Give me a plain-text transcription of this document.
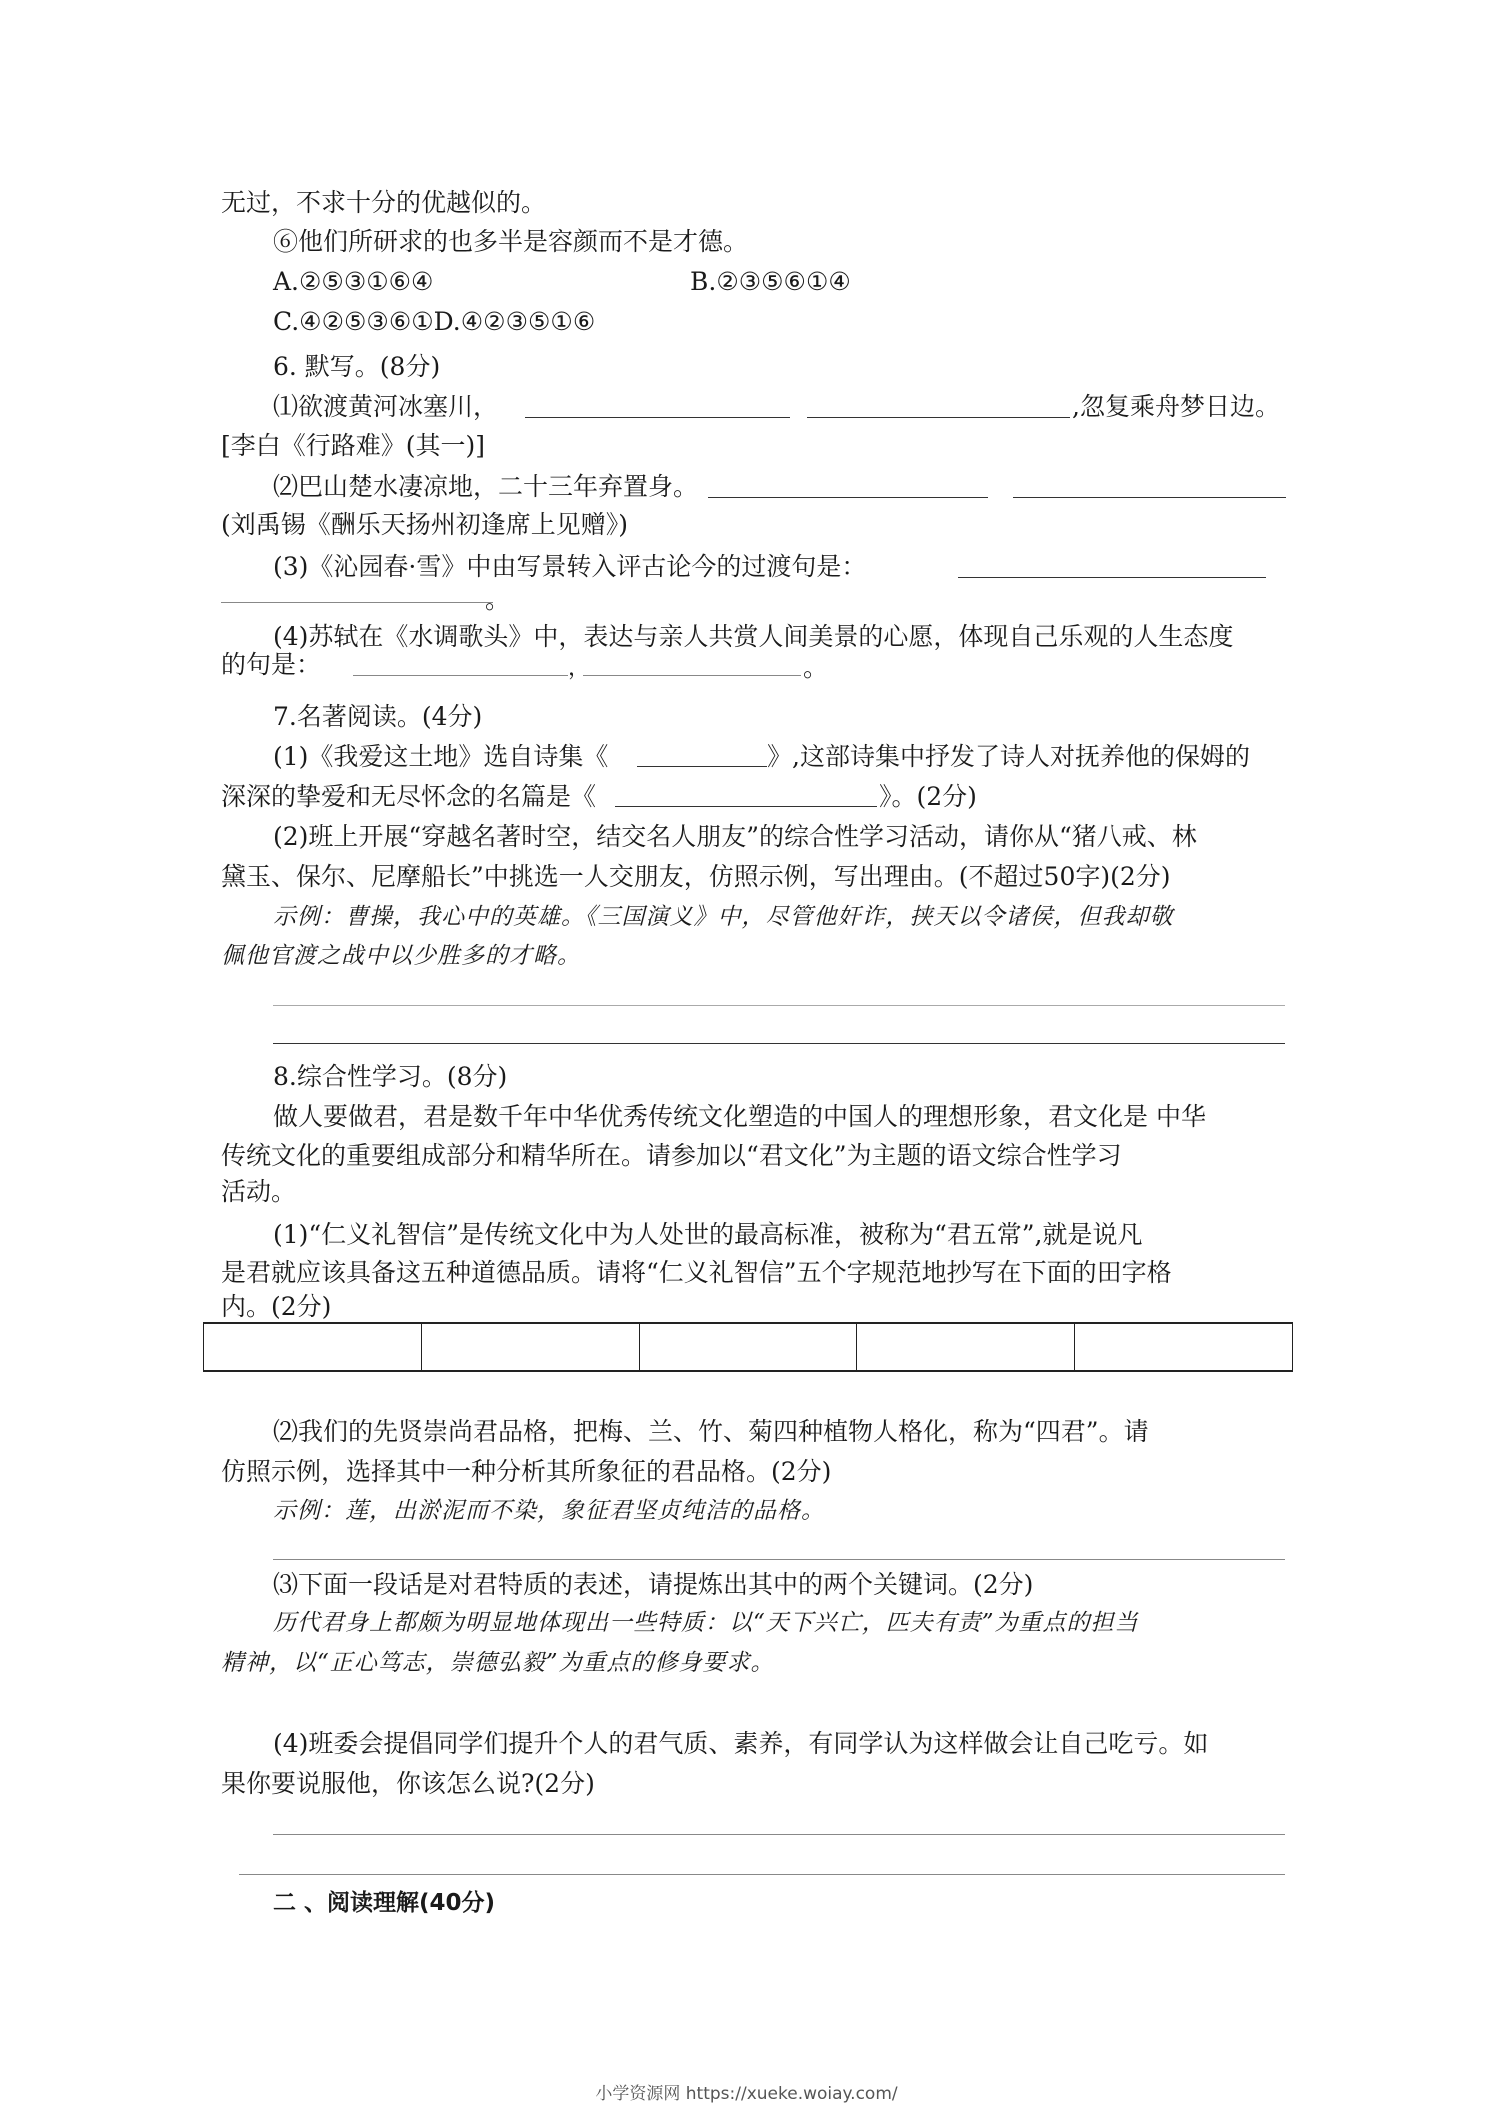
无过，不求十分的优越似的。

⑥他们所研求的也多半是容颜而不是才德。

A.②⑤③①⑥④	B.②③⑤⑥①④

C.④②⑤③⑥①D.④②③⑤①⑥

6. 默写。(8分)

⑴欲渡黄河冰塞川，	,忽复乘舟梦日边。

[李白《行路难》(其一)]

⑵巴山楚水凄凉地，二十三年弃置身。

(刘禹锡《酬乐天扬州初逢席上见赠》)

(3)《沁园春·雪》中由写景转入评古论今的过渡句是：

。

(4)苏轼在《水调歌头》中，表达与亲人共赏人间美景的心愿，体现自己乐观的人生态度

的句是：	，	。

7.名著阅读。(4分)

(1)《我爱这土地》选自诗集《	》,这部诗集中抒发了诗人对抚养他的保姆的

深深的挚爱和无尽怀念的名篇是《	》。(2分)

(2)班上开展“穿越名著时空，结交名人朋友”的综合性学习活动，请你从“猪八戒、林

黛玉、保尔、尼摩船长”中挑选一人交朋友，仿照示例，写出理由。(不超过50字)(2分)

示例：曹操，我心中的英雄。《三国演义》中，尽管他奸诈，挟天以令诸侯，但我却敬

佩他官渡之战中以少胜多的才略。

8.综合性学习。(8分)

做人要做君，君是数千年中华优秀传统文化塑造的中国人的理想形象，君文化是 中华

传统文化的重要组成部分和精华所在。请参加以“君文化”为主题的语文综合性学习

活动。

(1)“仁义礼智信”是传统文化中为人处世的最高标准，被称为“君五常”,就是说凡

是君就应该具备这五种道德品质。请将“仁义礼智信”五个字规范地抄写在下面的田字格

内。(2分)

⑵我们的先贤崇尚君品格，把梅、兰、竹、菊四种植物人格化，称为“四君”。请

仿照示例，选择其中一种分析其所象征的君品格。(2分)

示例：莲，出淤泥而不染，象征君坚贞纯洁的品格。

⑶下面一段话是对君特质的表述，请提炼出其中的两个关键词。(2分)

历代君身上都颇为明显地体现出一些特质：以“天下兴亡，匹夫有责”为重点的担当

精神，以“正心笃志，崇德弘毅”为重点的修身要求。

(4)班委会提倡同学们提升个人的君气质、素养，有同学认为这样做会让自己吃亏。如

果你要说服他，你该怎么说?(2分)

二 、阅读理解(40分)

小学资源网 https://xueke.woiay.com/
